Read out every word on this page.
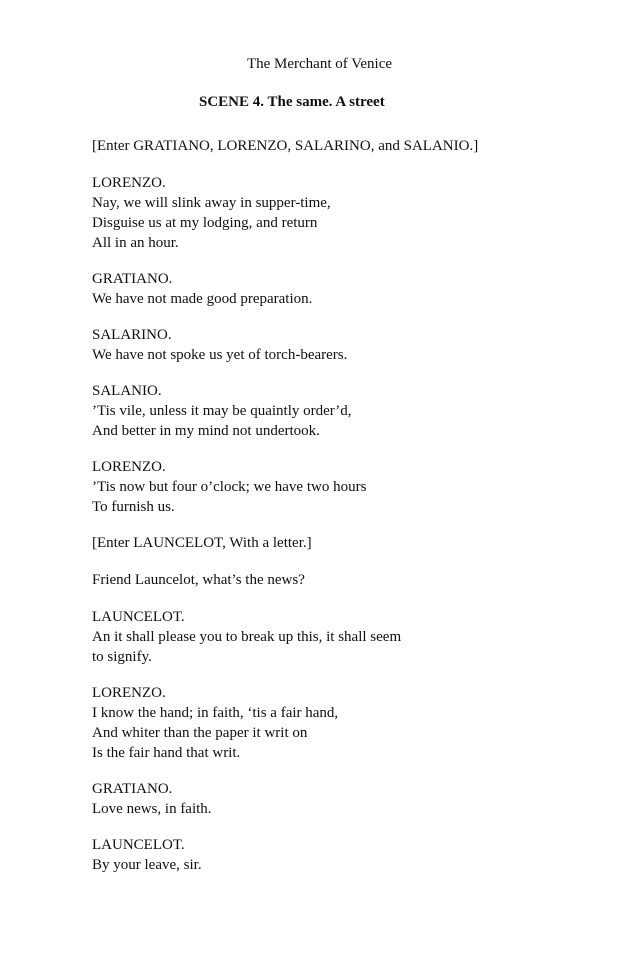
The Merchant of Venice
SCENE 4. The same. A street
[Enter GRATIANO, LORENZO, SALARINO, and SALANIO.]
LORENZO.
Nay, we will slink away in supper-time,
Disguise us at my lodging, and return
All in an hour.
GRATIANO.
We have not made good preparation.
SALARINO.
We have not spoke us yet of torch-bearers.
SALANIO.
’Tis vile, unless it may be quaintly order’d,
And better in my mind not undertook.
LORENZO.
’Tis now but four o’clock; we have two hours
To furnish us.
[Enter LAUNCELOT, With a letter.]
Friend Launcelot, what’s the news?
LAUNCELOT.
An it shall please you to break up this, it shall seem
to signify.
LORENZO.
I know the hand; in faith, ‘tis a fair hand,
And whiter than the paper it writ on
Is the fair hand that writ.
GRATIANO.
Love news, in faith.
LAUNCELOT.
By your leave, sir.
